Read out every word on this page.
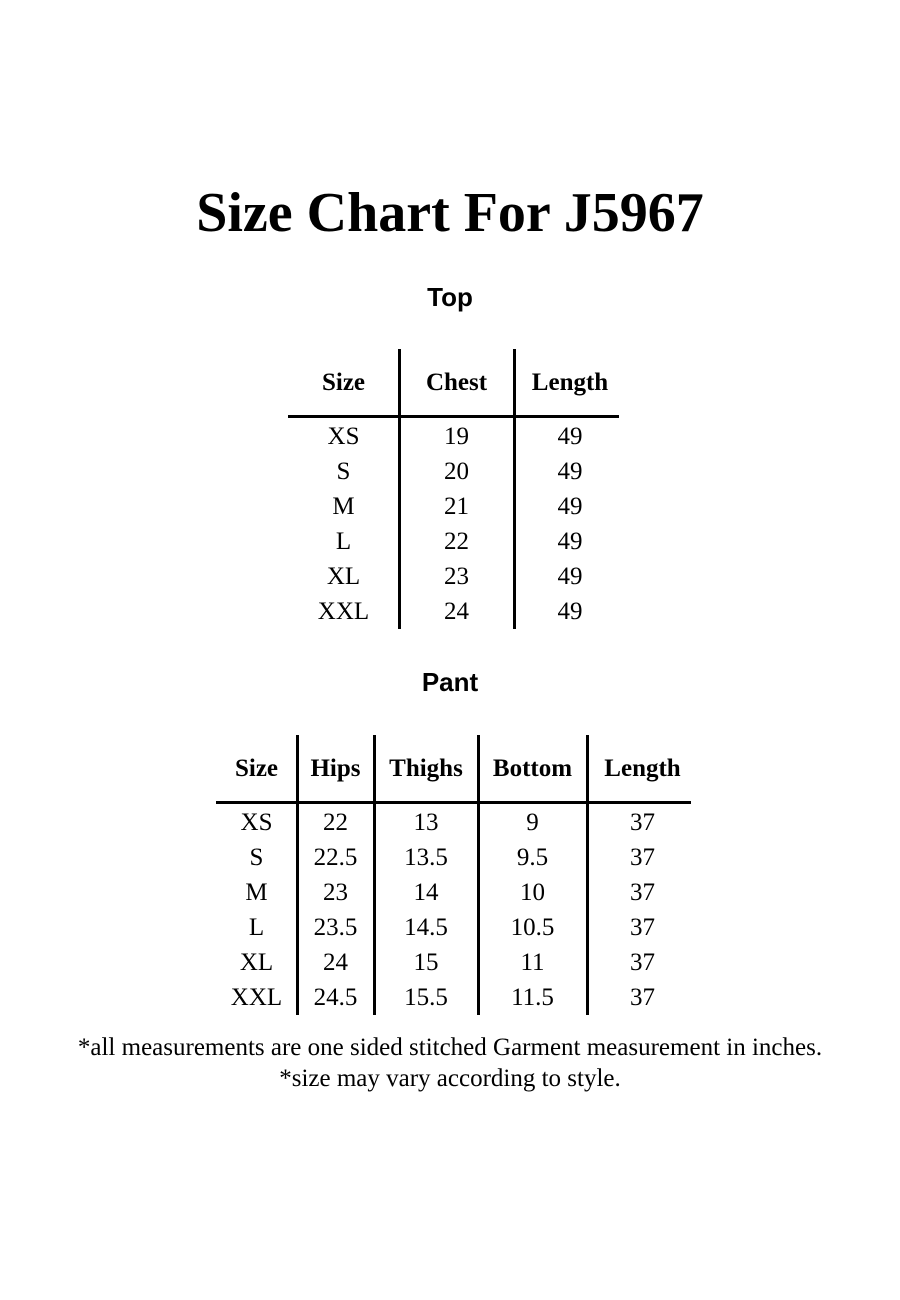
Size Chart For J5967
Top
Size	Chest	Length
XS	19	49
S	20	49
M	21	49
L	22	49
XL	23	49
XXL	24	49
Pant
Size	Hips	Thighs	Bottom	Length
XS	22	13	9	37
S	22.5	13.5	9.5	37
M	23	14	10	37
L	23.5	14.5	10.5	37
XL	24	15	11	37
XXL	24.5	15.5	11.5	37
*all measurements are one sided stitched Garment measurement in inches.
*size may vary according to style.
